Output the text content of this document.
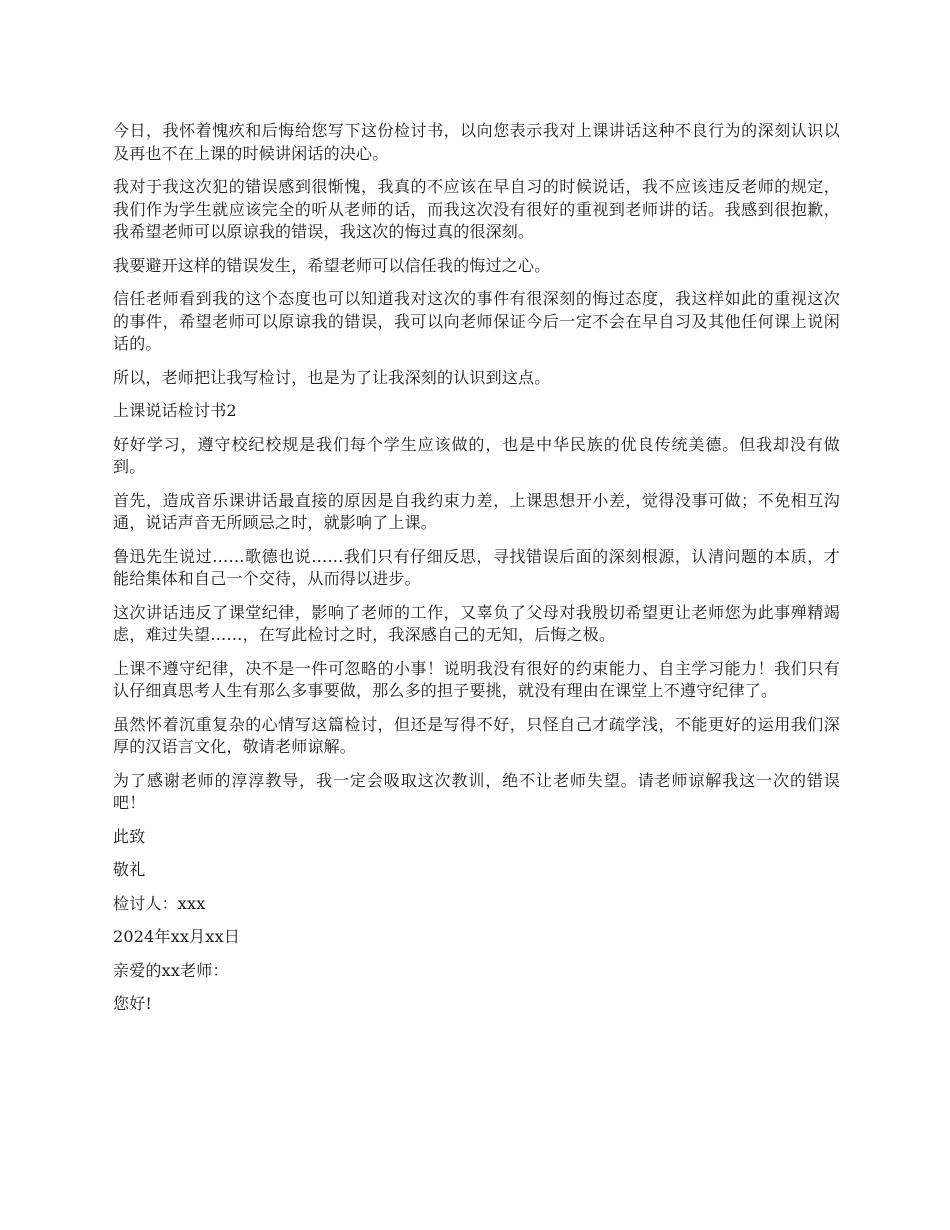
今日，我怀着愧疚和后悔给您写下这份检讨书，以向您表示我对上课讲话这种不良行为的深刻认识以及再也不在上课的时候讲闲话的决心。

我对于我这次犯的错误感到很惭愧，我真的不应该在早自习的时候说话，我不应该违反老师的规定，我们作为学生就应该完全的听从老师的话，而我这次没有很好的重视到老师讲的话。我感到很抱歉，我希望老师可以原谅我的错误，我这次的悔过真的很深刻。

我要避开这样的错误发生，希望老师可以信任我的悔过之心。

信任老师看到我的这个态度也可以知道我对这次的事件有很深刻的悔过态度，我这样如此的重视这次的事件，希望老师可以原谅我的错误，我可以向老师保证今后一定不会在早自习及其他任何课上说闲话的。

所以，老师把让我写检讨，也是为了让我深刻的认识到这点。

上课说话检讨书2

好好学习，遵守校纪校规是我们每个学生应该做的，也是中华民族的优良传统美德。但我却没有做到。

首先，造成音乐课讲话最直接的原因是自我约束力差，上课思想开小差，觉得没事可做；不免相互沟通，说话声音无所顾忌之时，就影响了上课。

鲁迅先生说过……歌德也说……我们只有仔细反思，寻找错误后面的深刻根源，认清问题的本质，才能给集体和自己一个交待，从而得以进步。

这次讲话违反了课堂纪律，影响了老师的工作，又辜负了父母对我殷切希望更让老师您为此事殚精竭虑，难过失望……，在写此检讨之时，我深感自己的无知，后悔之极。

上课不遵守纪律，决不是一件可忽略的小事！说明我没有很好的约束能力、自主学习能力！我们只有认仔细真思考人生有那么多事要做，那么多的担子要挑，就没有理由在课堂上不遵守纪律了。

虽然怀着沉重复杂的心情写这篇检讨，但还是写得不好，只怪自己才疏学浅，不能更好的运用我们深厚的汉语言文化，敬请老师谅解。

为了感谢老师的淳淳教导，我一定会吸取这次教训，绝不让老师失望。请老师谅解我这一次的错误吧！

此致

敬礼

检讨人：xxx

2024年xx月xx日

亲爱的xx老师：

您好!
